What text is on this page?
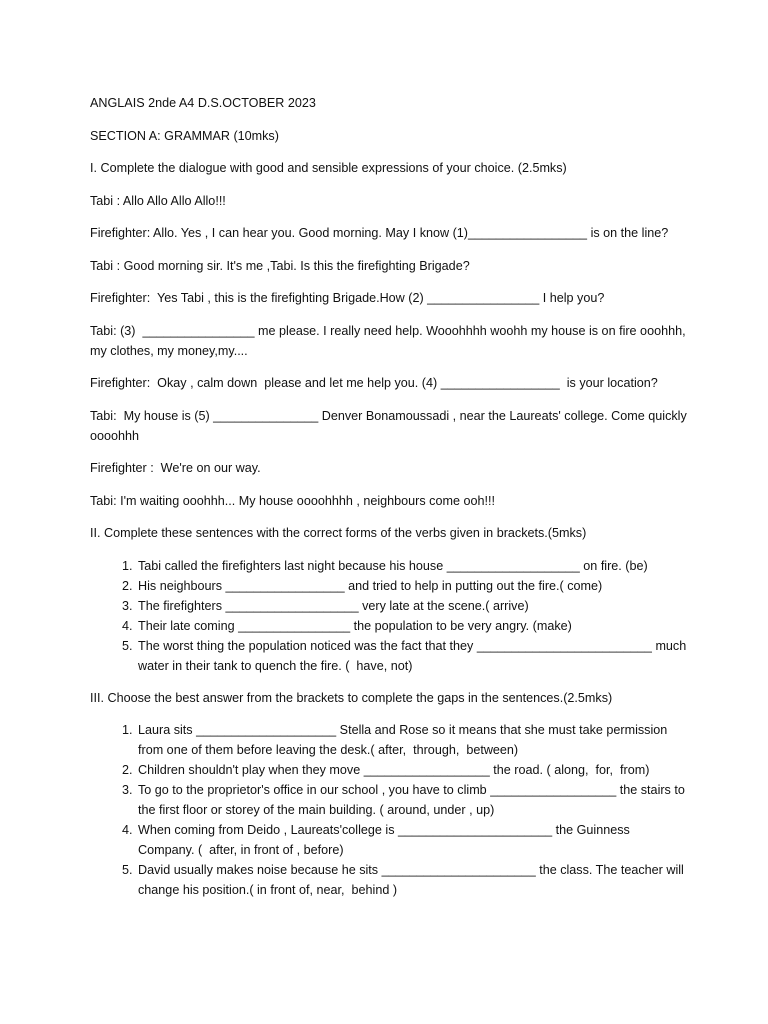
ANGLAIS 2nde A4 D.S.OCTOBER 2023

SECTION A: GRAMMAR (10mks)

I. Complete the dialogue with good and sensible expressions of your choice. (2.5mks)

Tabi : Allo Allo Allo Allo!!!

Firefighter: Allo. Yes , I can hear you. Good morning. May I know (1)_________________ is on the line?

Tabi : Good morning sir. It's me ,Tabi. Is this the firefighting Brigade?

Firefighter:  Yes Tabi , this is the firefighting Brigade.How (2) ________________ I help you?

Tabi: (3)  ________________ me please. I really need help. Wooohhhh woohh my house is on fire ooohhh, my clothes, my money,my....

Firefighter:  Okay , calm down  please and let me help you. (4) _________________  is your location?

Tabi:  My house is (5) _______________ Denver Bonamoussadi , near the Laureats' college. Come quickly oooohhh

Firefighter :  We're on our way.

Tabi: I'm waiting ooohhh... My house oooohhhh , neighbours come ooh!!!

II. Complete these sentences with the correct forms of the verbs given in brackets.(5mks)

1. Tabi called the firefighters last night because his house ___________________ on fire. (be)
2. His neighbours _________________ and tried to help in putting out the fire.( come)
3. The firefighters ___________________ very late at the scene.( arrive)
4. Their late coming ________________ the population to be very angry. (make)
5. The worst thing the population noticed was the fact that they _________________________ much water in their tank to quench the fire. (  have, not)

III. Choose the best answer from the brackets to complete the gaps in the sentences.(2.5mks)

1. Laura sits ____________________ Stella and Rose so it means that she must take permission from one of them before leaving the desk.( after,  through,  between)
2. Children shouldn't play when they move __________________ the road. ( along,  for,  from)
3. To go to the proprietor's office in our school , you have to climb __________________ the stairs to the first floor or storey of the main building. ( around, under , up)
4. When coming from Deido , Laureats'college is ______________________ the Guinness Company. (  after, in front of , before)
5. David usually makes noise because he sits ______________________ the class. The teacher will change his position.( in front of, near,  behind )
